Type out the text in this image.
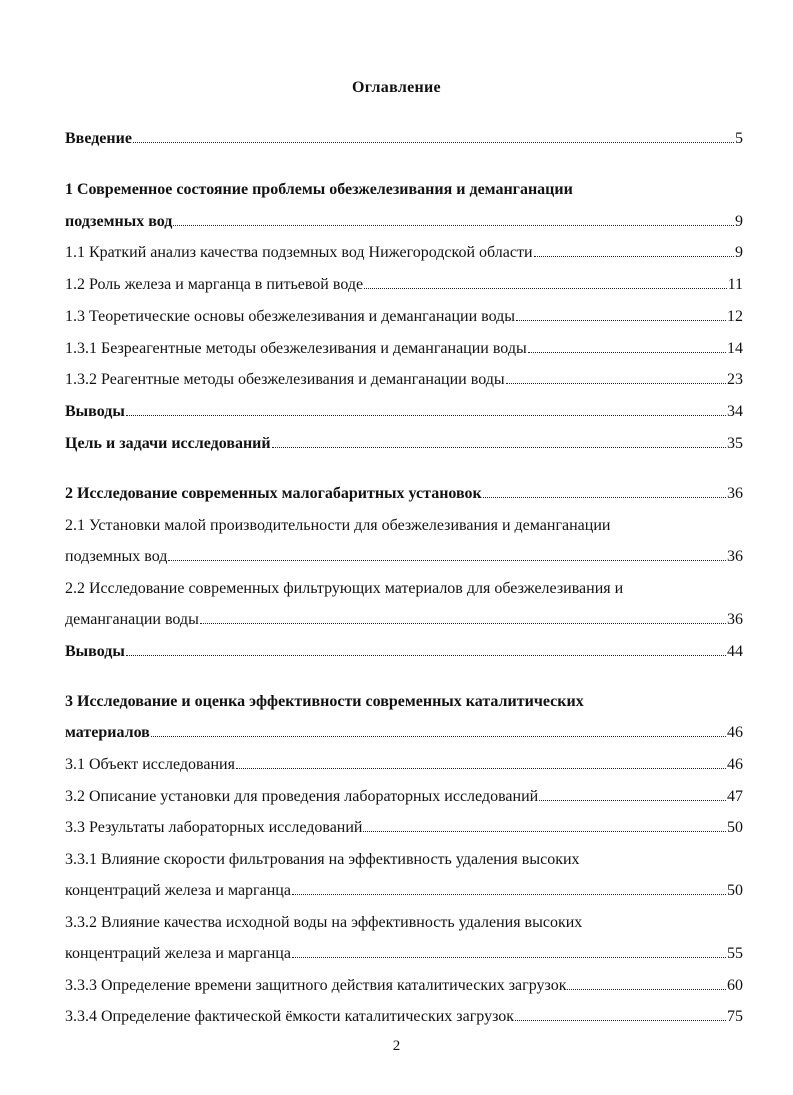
Оглавление
Введение	5
1 Современное состояние проблемы обезжелезивания и деманганации
подземных вод	9
1.1 Краткий анализ качества подземных вод Нижегородской области	9
1.2 Роль железа и марганца в питьевой воде	11
1.3 Теоретические основы обезжелезивания и деманганации воды	12
1.3.1 Безреагентные методы обезжелезивания и деманганации воды	14
1.3.2 Реагентные методы обезжелезивания и деманганации воды	23
Выводы	34
Цель и задачи исследований	35
2 Исследование современных малогабаритных установок	36
2.1 Установки малой производительности для обезжелезивания и деманганации
подземных вод	36
2.2 Исследование современных фильтрующих материалов для обезжелезивания и
деманганации воды	36
Выводы	44
3 Исследование и оценка эффективности современных каталитических
материалов	46
3.1 Объект исследования	46
3.2 Описание установки для проведения лабораторных исследований	47
3.3 Результаты лабораторных исследований	50
3.3.1 Влияние скорости фильтрования на эффективность удаления высоких
концентраций железа и марганца	50
3.3.2 Влияние качества исходной воды на эффективность удаления высоких
концентраций железа и марганца	55
3.3.3 Определение времени защитного действия каталитических загрузок	60
3.3.4 Определение фактической ёмкости каталитических загрузок	75
2
